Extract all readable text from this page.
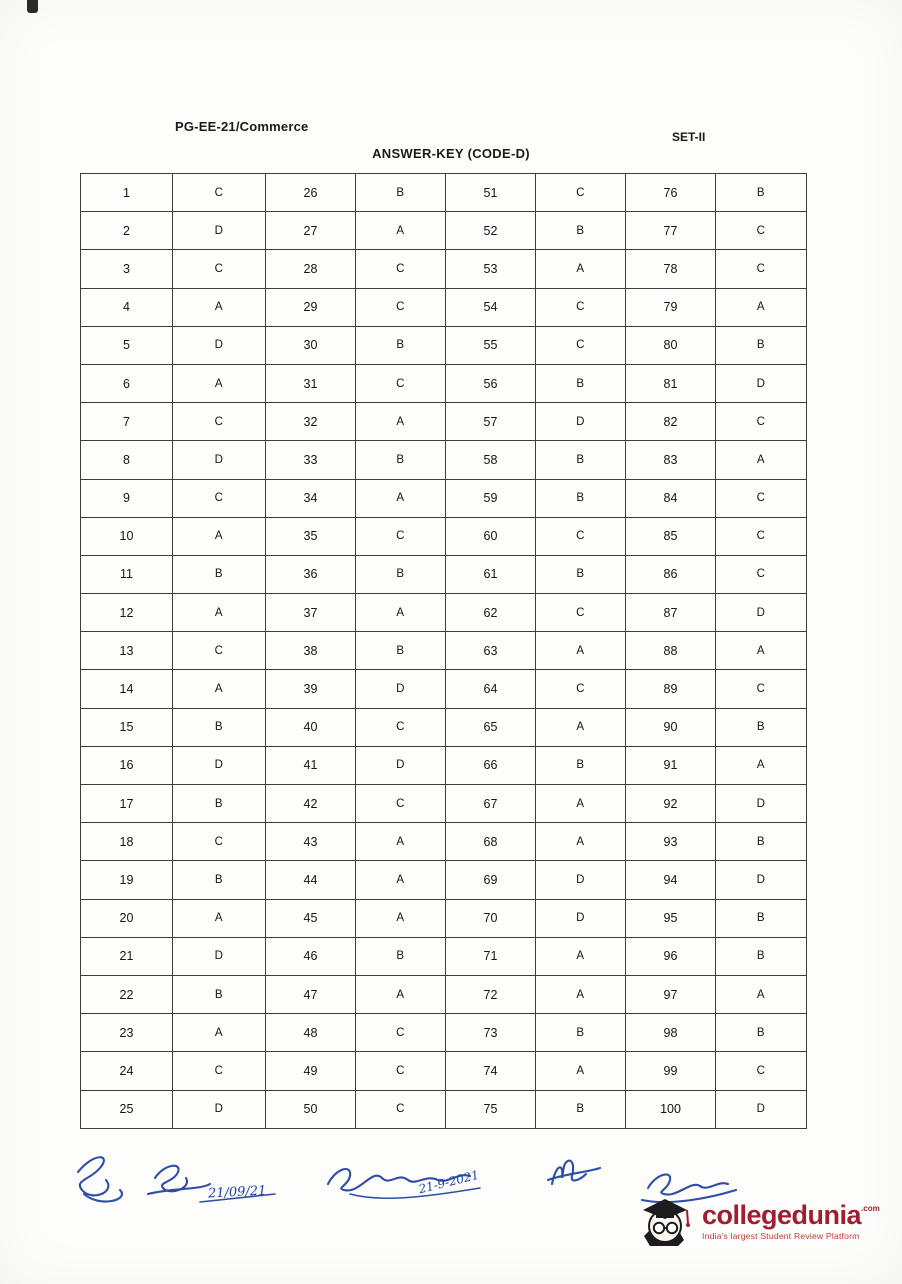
PG-EE-21/Commerce
SET-II
ANSWER-KEY (CODE-D)
1	C	26	B	51	C	76	B
2	D	27	A	52	B	77	C
3	C	28	C	53	A	78	C
4	A	29	C	54	C	79	A
5	D	30	B	55	C	80	B
6	A	31	C	56	B	81	D
7	C	32	A	57	D	82	C
8	D	33	B	58	B	83	A
9	C	34	A	59	B	84	C
10	A	35	C	60	C	85	C
11	B	36	B	61	B	86	C
12	A	37	A	62	C	87	D
13	C	38	B	63	A	88	A
14	A	39	D	64	C	89	C
15	B	40	C	65	A	90	B
16	D	41	D	66	B	91	A
17	B	42	C	67	A	92	D
18	C	43	A	68	A	93	B
19	B	44	A	69	D	94	D
20	A	45	A	70	D	95	B
21	D	46	B	71	A	96	B
22	B	47	A	72	A	97	A
23	A	48	C	73	B	98	B
24	C	49	C	74	A	99	C
25	D	50	C	75	B	100	D
21/09/21	21-9-2021
collegedunia .com
India's largest Student Review Platform
